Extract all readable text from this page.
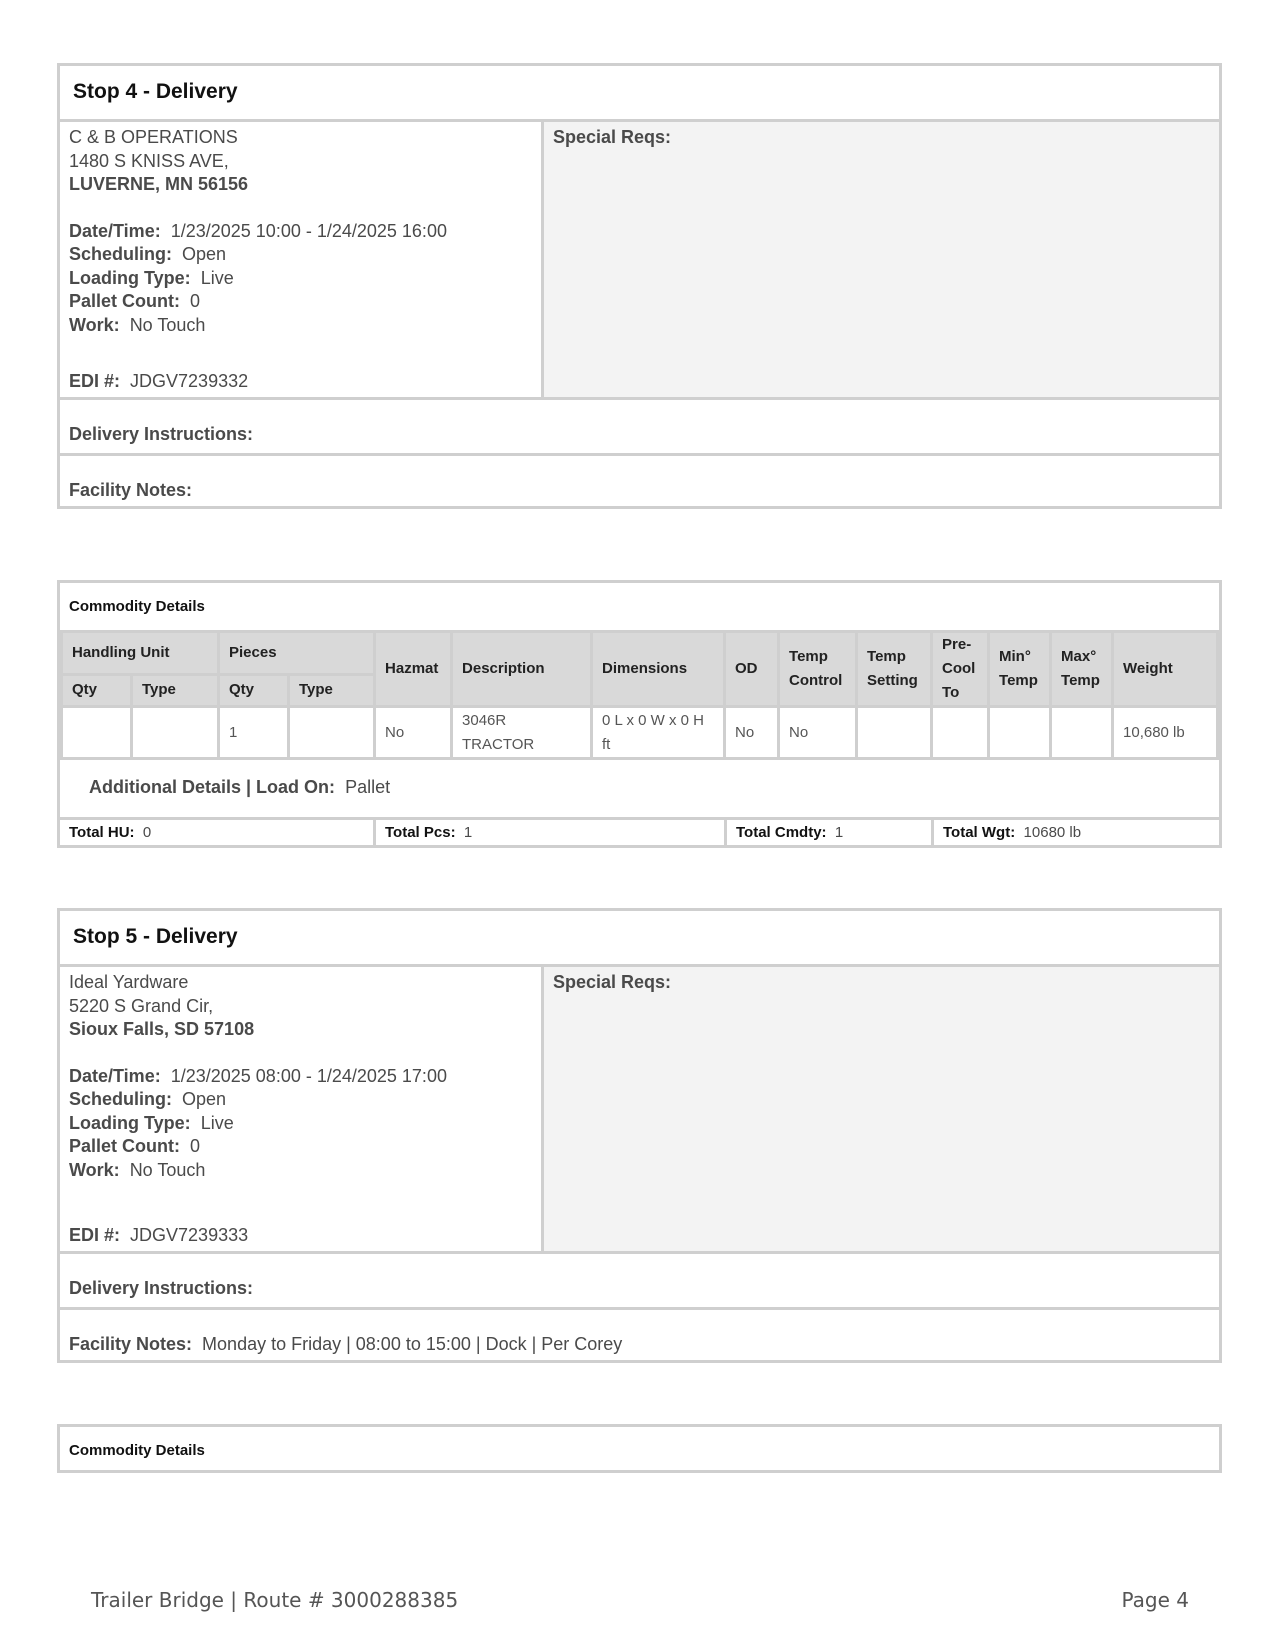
Stop 4 - Delivery
C & B OPERATIONS
1480 S KNISS AVE,
LUVERNE, MN 56156
Date/Time: 1/23/2025 10:00 - 1/24/2025 16:00
Scheduling: Open
Loading Type: Live
Pallet Count: 0
Work: No Touch
EDI #: JDGV7239332
Special Reqs:
Delivery Instructions:
Facility Notes:
Commodity Details
Handling Unit		Pieces		Hazmat	Description	Dimensions	OD	Temp Control	Temp Setting	Pre-Cool To	Min° Temp	Max° Temp	Weight
Qty	Type	Qty	Type										
		1		No	3046R TRACTOR	0 L x 0 W x 0 H ft	No	No					10,680 lb
Additional Details | Load On: Pallet
Total HU: 0	Total Pcs: 1	Total Cmdty: 1	Total Wgt: 10680 lb
Stop 5 - Delivery
Ideal Yardware
5220 S Grand Cir,
Sioux Falls, SD 57108
Date/Time: 1/23/2025 08:00 - 1/24/2025 17:00
Scheduling: Open
Loading Type: Live
Pallet Count: 0
Work: No Touch
EDI #: JDGV7239333
Special Reqs:
Delivery Instructions:
Facility Notes: Monday to Friday | 08:00 to 15:00 | Dock | Per Corey
Commodity Details
Trailer Bridge | Route # 3000288385	Page 4
